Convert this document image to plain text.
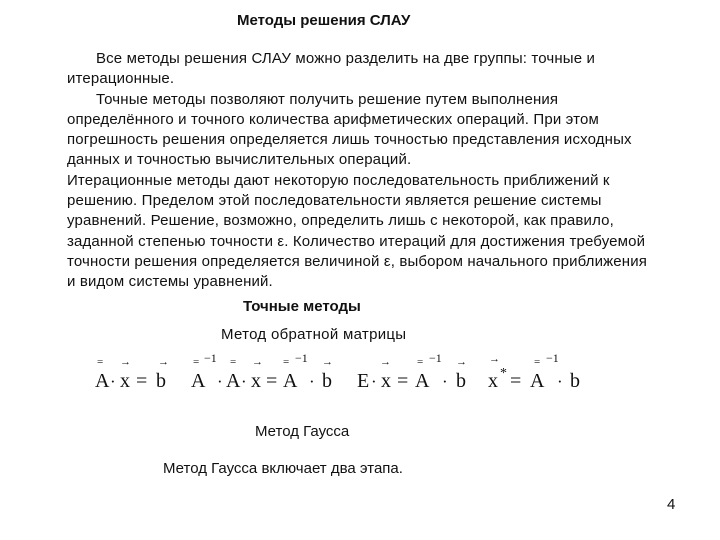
Методы решения СЛАУ
Все методы решения СЛАУ можно разделить на две группы: точные и
итерационные.
Точные методы позволяют получить решение путем выполнения
определённого и точного количества арифметических операций. При этом
погрешность решения определяется лишь точностью представления исходных
данных и точностью вычислительных операций.
Итерационные методы дают некоторую последовательность приближений к
решению. Пределом этой последовательности является решение системы
уравнений. Решение, возможно, определить лишь с некоторой, как правило,
заданной степенью точности ε. Количество итераций для достижения требуемой
точности решения определяется величиной ε, выбором начального приближения
и видом системы уравнений.
Точные методы
Метод обратной матрицы
= → →
A · x = b
= −1 = → = −1 →
A · A · x = A · b
→ = −1 →
E · x = A · b
→	= −1
x * = A · b
Метод Гаусса
Метод Гаусса включает два этапа.
4
